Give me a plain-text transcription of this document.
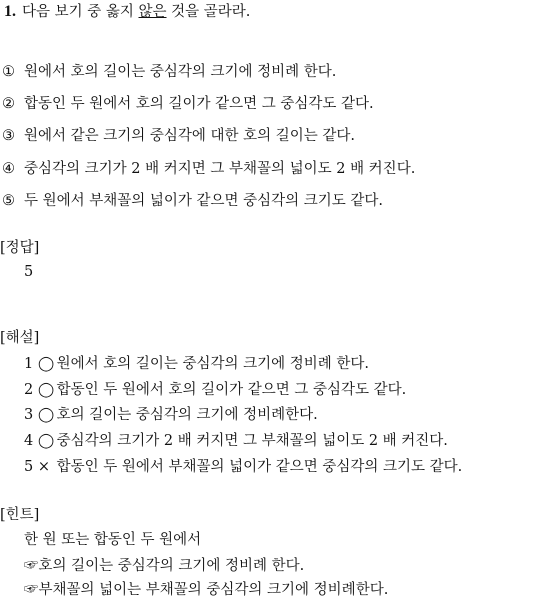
1. 다음 보기 중 옳지 않은 것을 골라라.
① 원에서 호의 길이는 중심각의 크기에 정비례 한다.
② 합동인 두 원에서 호의 길이가 같으면 그 중심각도 같다.
③ 원에서 같은 크기의 중심각에 대한 호의 길이는 같다.
④ 중심각의 크기가 2 배 커지면 그 부채꼴의 넓이도 2 배 커진다.
⑤ 두 원에서 부채꼴의 넓이가 같으면 중심각의 크기도 같다.
[정답]
5
[해설]
1 ◯ 원에서 호의 길이는 중심각의 크기에 정비례 한다.
2 ◯ 합동인 두 원에서 호의 길이가 같으면 그 중심각도 같다.
3 ◯ 호의 길이는 중심각의 크기에 정비례한다.
4 ◯ 중심각의 크기가 2 배 커지면 그 부채꼴의 넓이도 2 배 커진다.
5 × 합동인 두 원에서 부채꼴의 넓이가 같으면 중심각의 크기도 같다.
[힌트]
한 원 또는 합동인 두 원에서
☞호의 길이는 중심각의 크기에 정비례 한다.
☞부채꼴의 넓이는 부채꼴의 중심각의 크기에 정비례한다.
